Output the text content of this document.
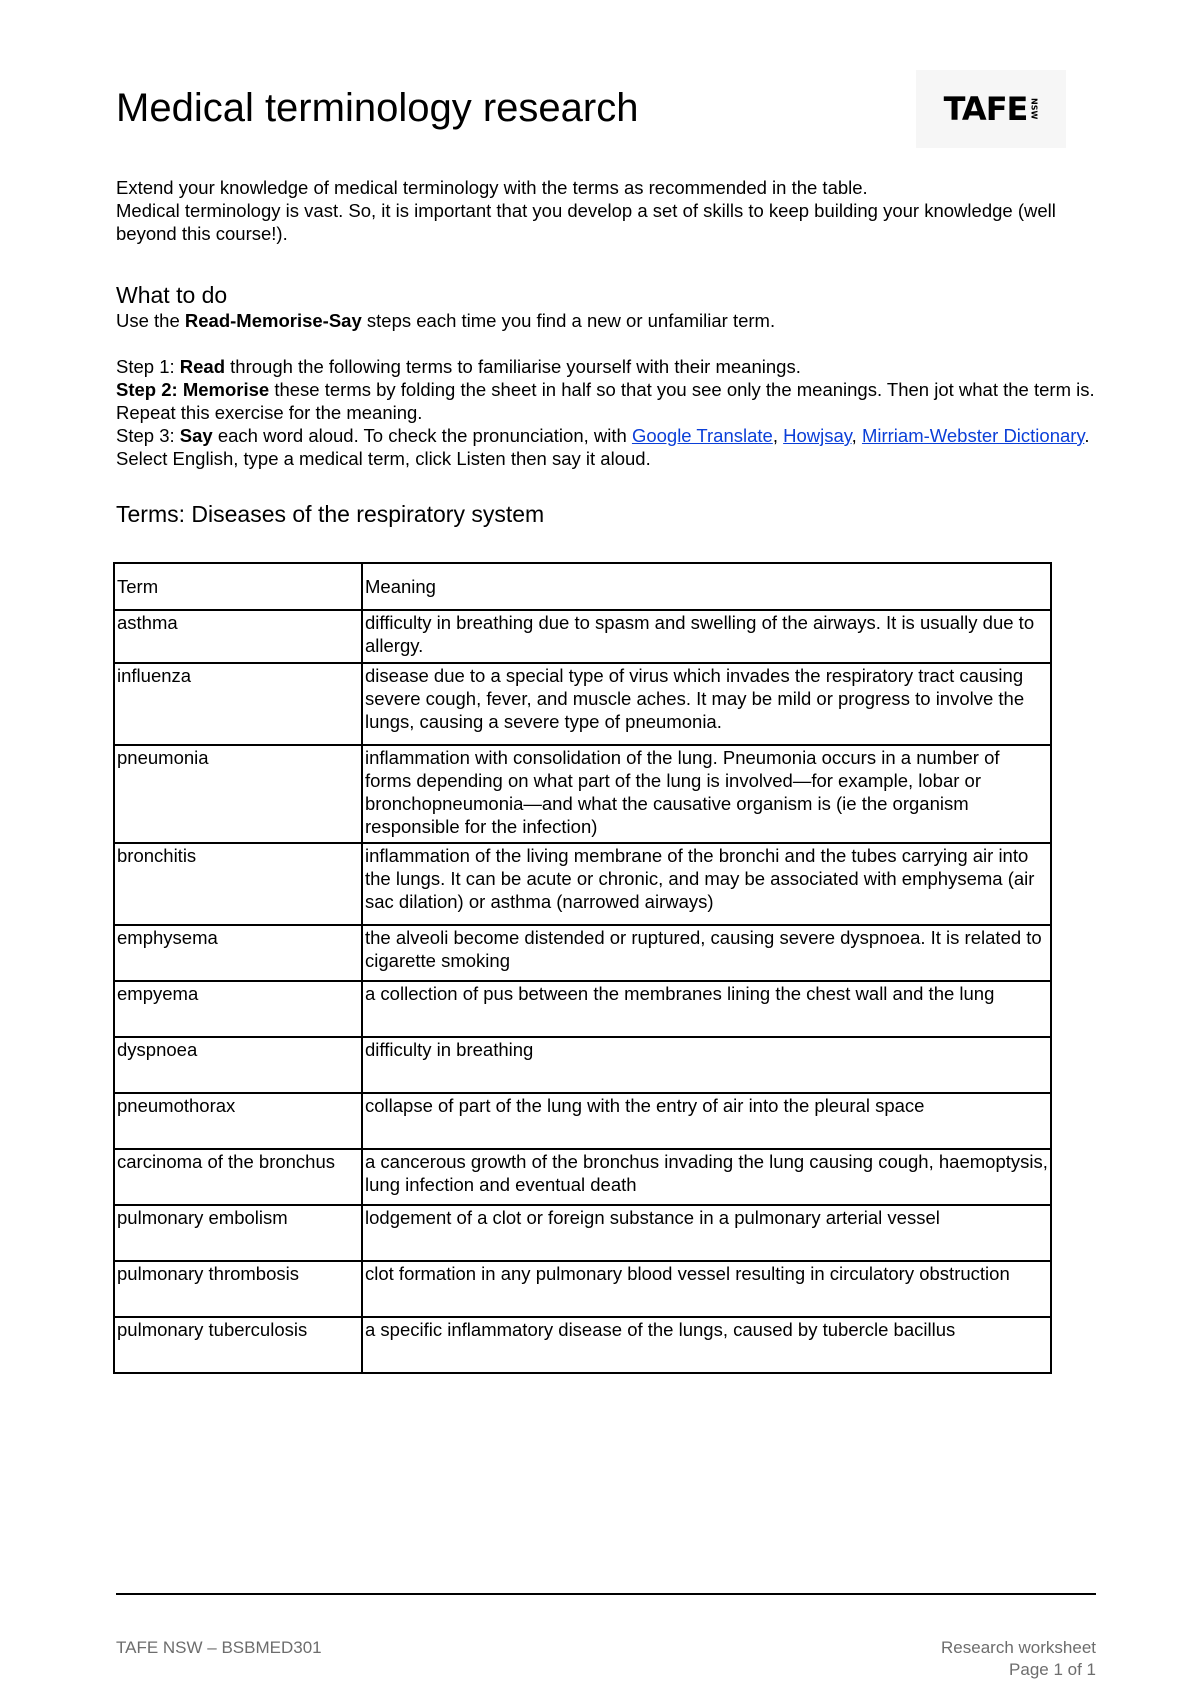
Medical terminology research	TAFE NSW

Extend your knowledge of medical terminology with the terms as recommended in the table.

Medical terminology is vast. So, it is important that you develop a set of skills to keep building your knowledge (well beyond this course!).

What to do

Use the Read-Memorise-Say steps each time you find a new or unfamiliar term.

Step 1: Read through the following terms to familiarise yourself with their meanings.

Step 2: Memorise these terms by folding the sheet in half so that you see only the meanings. Then jot what the term is. Repeat this exercise for the meaning.

Step 3: Say each word aloud. To check the pronunciation, with Google Translate, Howjsay, Mirriam-Webster Dictionary. Select English, type a medical term, click Listen then say it aloud.

Terms: Diseases of the respiratory system
Term	Meaning
asthma	difficulty in breathing due to spasm and swelling of the airways. It is usually due to allergy.
influenza	disease due to a special type of virus which invades the respiratory tract causing severe cough, fever, and muscle aches. It may be mild or progress to involve the lungs, causing a severe type of pneumonia.
pneumonia	inflammation with consolidation of the lung. Pneumonia occurs in a number of forms depending on what part of the lung is involved—for example, lobar or bronchopneumonia—and what the causative organism is (ie the organism responsible for the infection)
bronchitis	inflammation of the living membrane of the bronchi and the tubes carrying air into the lungs. It can be acute or chronic, and may be associated with emphysema (air sac dilation) or asthma (narrowed airways)
emphysema	the alveoli become distended or ruptured, causing severe dyspnoea. It is related to cigarette smoking
empyema	a collection of pus between the membranes lining the chest wall and the lung
dyspnoea	difficulty in breathing
pneumothorax	collapse of part of the lung with the entry of air into the pleural space
carcinoma of the bronchus	a cancerous growth of the bronchus invading the lung causing cough, haemoptysis, lung infection and eventual death
pulmonary embolism	lodgement of a clot or foreign substance in a pulmonary arterial vessel
pulmonary thrombosis	clot formation in any pulmonary blood vessel resulting in circulatory obstruction
pulmonary tuberculosis	a specific inflammatory disease of the lungs, caused by tubercle bacillus
TAFE NSW – BSBMED301	Research worksheet
Page 1 of 1
